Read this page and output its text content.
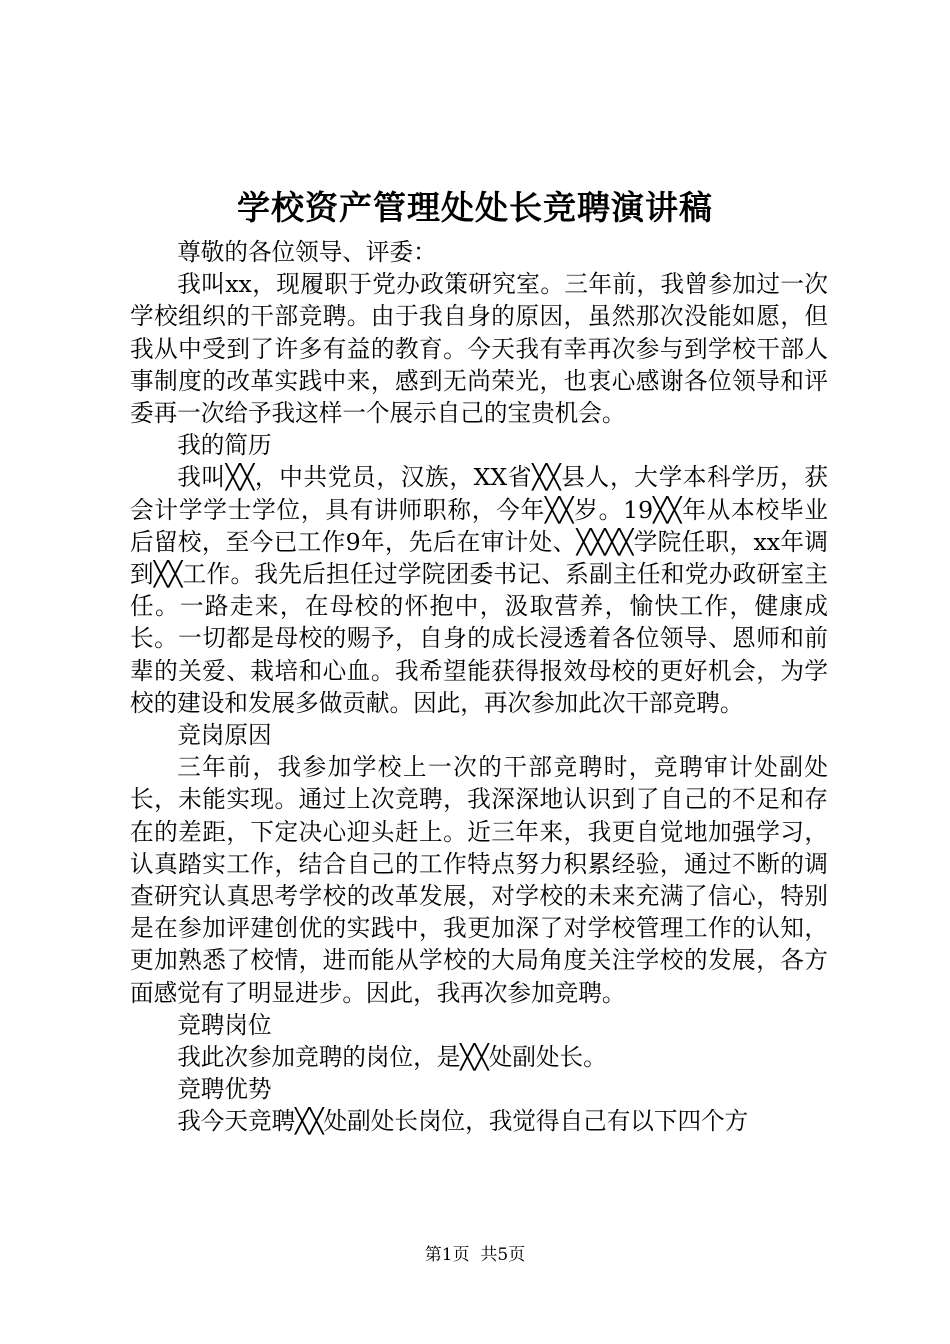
学校资产管理处处长竞聘演讲稿

尊敬的各位领导、评委：

我叫xx，现履职于党办政策研究室。三年前，我曾参加过一次学校组织的干部竞聘。由于我自身的原因，虽然那次没能如愿，但我从中受到了许多有益的教育。今天我有幸再次参与到学校干部人事制度的改革实践中来，感到无尚荣光，也衷心感谢各位领导和评委再一次给予我这样一个展示自己的宝贵机会。

我的简历

我叫╳╳，中共党员，汉族，XX省╳╳县人，大学本科学历，获会计学学士学位，具有讲师职称，今年╳╳岁。19╳╳年从本校毕业后留校，至今已工作9年，先后在审计处、╳╳╳╳学院任职，xx年调到╳╳工作。我先后担任过学院团委书记、系副主任和党办政研室主任。一路走来，在母校的怀抱中，汲取营养，愉快工作，健康成长。一切都是母校的赐予，自身的成长浸透着各位领导、恩师和前辈的关爱、栽培和心血。我希望能获得报效母校的更好机会，为学校的建设和发展多做贡献。因此，再次参加此次干部竞聘。

竞岗原因

三年前，我参加学校上一次的干部竞聘时，竞聘审计处副处长，未能实现。通过上次竞聘，我深深地认识到了自己的不足和存在的差距，下定决心迎头赶上。近三年来，我更自觉地加强学习，认真踏实工作，结合自己的工作特点努力积累经验，通过不断的调查研究认真思考学校的改革发展，对学校的未来充满了信心，特别是在参加评建创优的实践中，我更加深了对学校管理工作的认知，更加熟悉了校情，进而能从学校的大局角度关注学校的发展，各方面感觉有了明显进步。因此，我再次参加竞聘。

竞聘岗位

我此次参加竞聘的岗位，是╳╳处副处长。

竞聘优势

我今天竞聘╳╳处副处长岗位，我觉得自己有以下四个方

第1页  共5页
